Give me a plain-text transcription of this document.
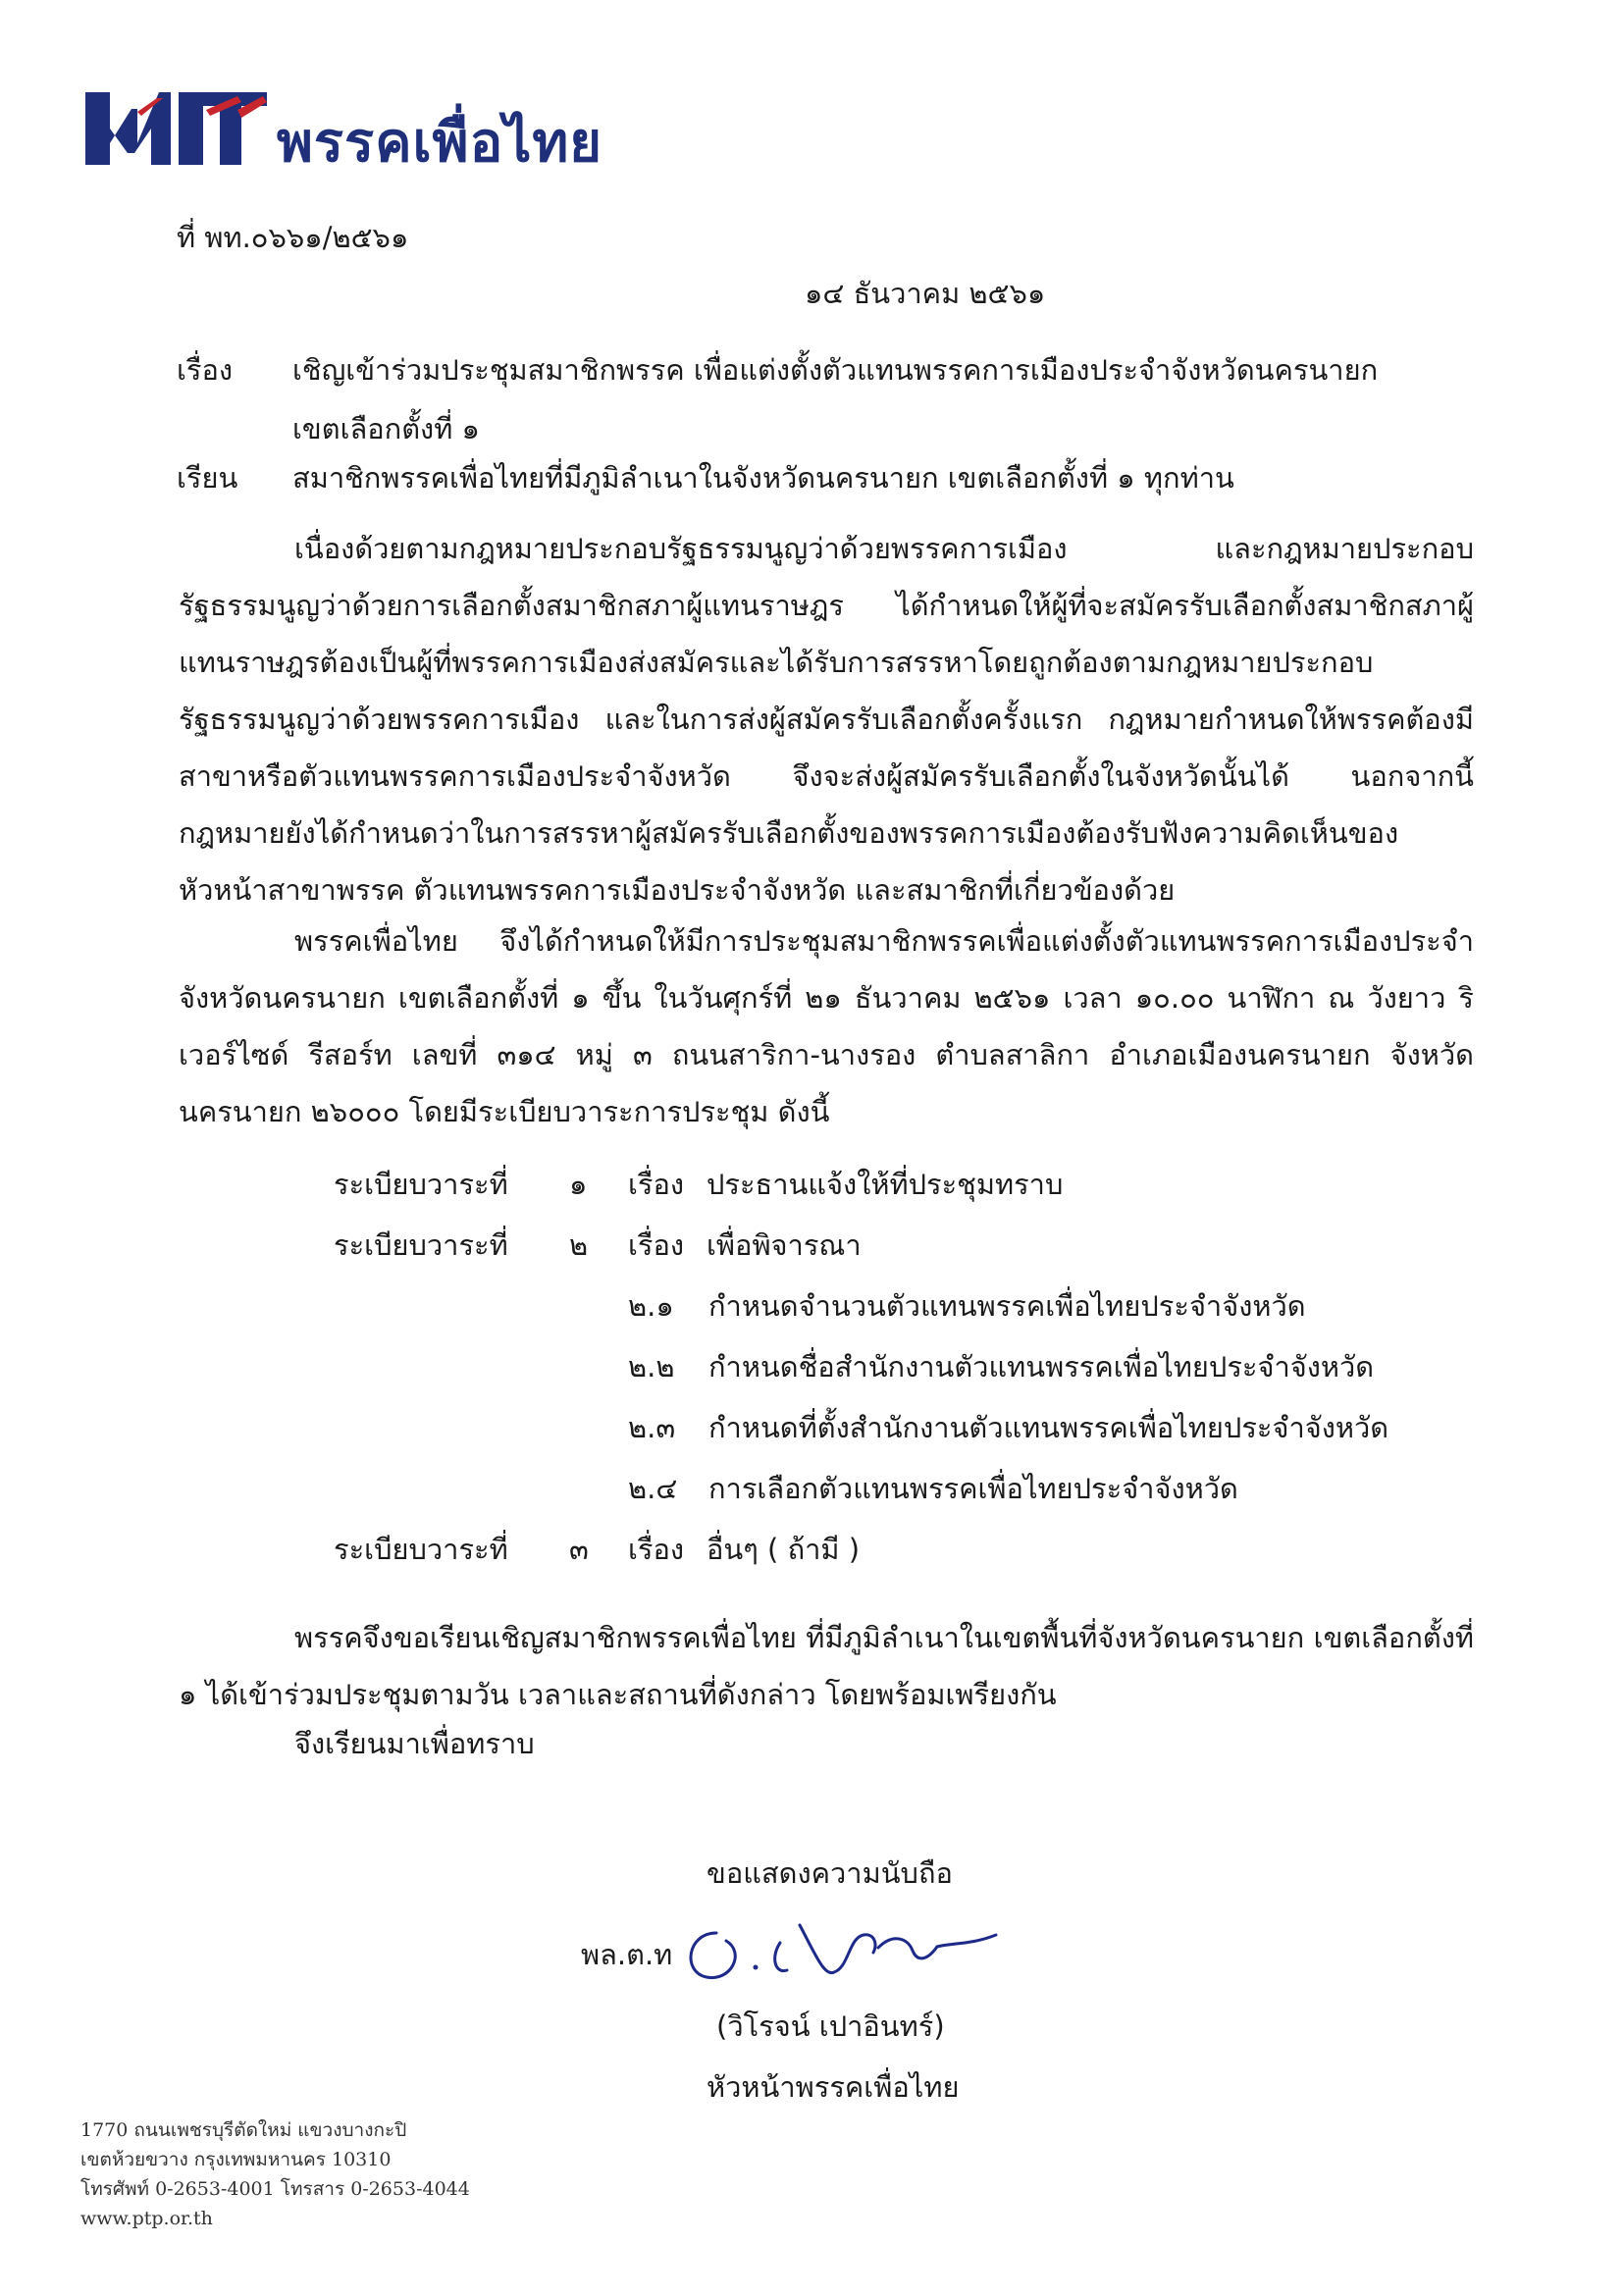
พรรคเพื่อไทย
ที่ พท.๐๖๖๑/๒๕๖๑
๑๔ ธันวาคม ๒๕๖๑
เรื่อง เชิญเข้าร่วมประชุมสมาชิกพรรค เพื่อแต่งตั้งตัวแทนพรรคการเมืองประจำจังหวัดนครนายก
เขตเลือกตั้งที่ ๑
เรียน สมาชิกพรรคเพื่อไทยที่มีภูมิลำเนาในจังหวัดนครนายก เขตเลือกตั้งที่ ๑ ทุกท่าน

เนื่องด้วยตามกฎหมายประกอบรัฐธรรมนูญว่าด้วยพรรคการเมือง และกฎหมายประกอบรัฐธรรมนูญว่าด้วยการเลือกตั้งสมาชิกสภาผู้แทนราษฎร ได้กำหนดให้ผู้ที่จะสมัครรับเลือกตั้งสมาชิกสภาผู้แทนราษฎรต้องเป็นผู้ที่พรรคการเมืองส่งสมัครและได้รับการสรรหาโดยถูกต้องตามกฎหมายประกอบรัฐธรรมนูญว่าด้วยพรรคการเมือง และในการส่งผู้สมัครรับเลือกตั้งครั้งแรก กฎหมายกำหนดให้พรรคต้องมีสาขาหรือตัวแทนพรรคการเมืองประจำจังหวัด จึงจะส่งผู้สมัครรับเลือกตั้งในจังหวัดนั้นได้ นอกจากนี้กฎหมายยังได้กำหนดว่าในการสรรหาผู้สมัครรับเลือกตั้งของพรรคการเมืองต้องรับฟังความคิดเห็นของหัวหน้าสาขาพรรค ตัวแทนพรรคการเมืองประจำจังหวัด และสมาชิกที่เกี่ยวข้องด้วย

พรรคเพื่อไทย จึงได้กำหนดให้มีการประชุมสมาชิกพรรคเพื่อแต่งตั้งตัวแทนพรรคการเมืองประจำจังหวัดนครนายก เขตเลือกตั้งที่ ๑ ขึ้น ในวันศุกร์ที่ ๒๑ ธันวาคม ๒๕๖๑ เวลา ๑๐.๐๐ นาฬิกา ณ วังยาว ริเวอร์ไซด์ รีสอร์ท เลขที่ ๓๑๔ หมู่ ๓ ถนนสาริกา-นางรอง ตำบลสาลิกา อำเภอเมืองนครนายก จังหวัดนครนายก ๒๖๐๐๐ โดยมีระเบียบวาระการประชุม ดังนี้

ระเบียบวาระที่ ๑ เรื่อง ประธานแจ้งให้ที่ประชุมทราบ
ระเบียบวาระที่ ๒ เรื่อง เพื่อพิจารณา
๒.๑ กำหนดจำนวนตัวแทนพรรคเพื่อไทยประจำจังหวัด
๒.๒ กำหนดชื่อสำนักงานตัวแทนพรรคเพื่อไทยประจำจังหวัด
๒.๓ กำหนดที่ตั้งสำนักงานตัวแทนพรรคเพื่อไทยประจำจังหวัด
๒.๔ การเลือกตัวแทนพรรคเพื่อไทยประจำจังหวัด
ระเบียบวาระที่ ๓ เรื่อง อื่นๆ ( ถ้ามี )

พรรคจึงขอเรียนเชิญสมาชิกพรรคเพื่อไทย ที่มีภูมิลำเนาในเขตพื้นที่จังหวัดนครนายก เขตเลือกตั้งที่ ๑ ได้เข้าร่วมประชุมตามวัน เวลาและสถานที่ดังกล่าว โดยพร้อมเพรียงกัน

จึงเรียนมาเพื่อทราบ
ขอแสดงความนับถือ
พล.ต.ท
(วิโรจน์ เปาอินทร์)
หัวหน้าพรรคเพื่อไทย
1770 ถนนเพชรบุรีตัดใหม่ แขวงบางกะปิ
เขตห้วยขวาง กรุงเทพมหานคร 10310
โทรศัพท์ 0-2653-4001 โทรสาร 0-2653-4044
www.ptp.or.th
